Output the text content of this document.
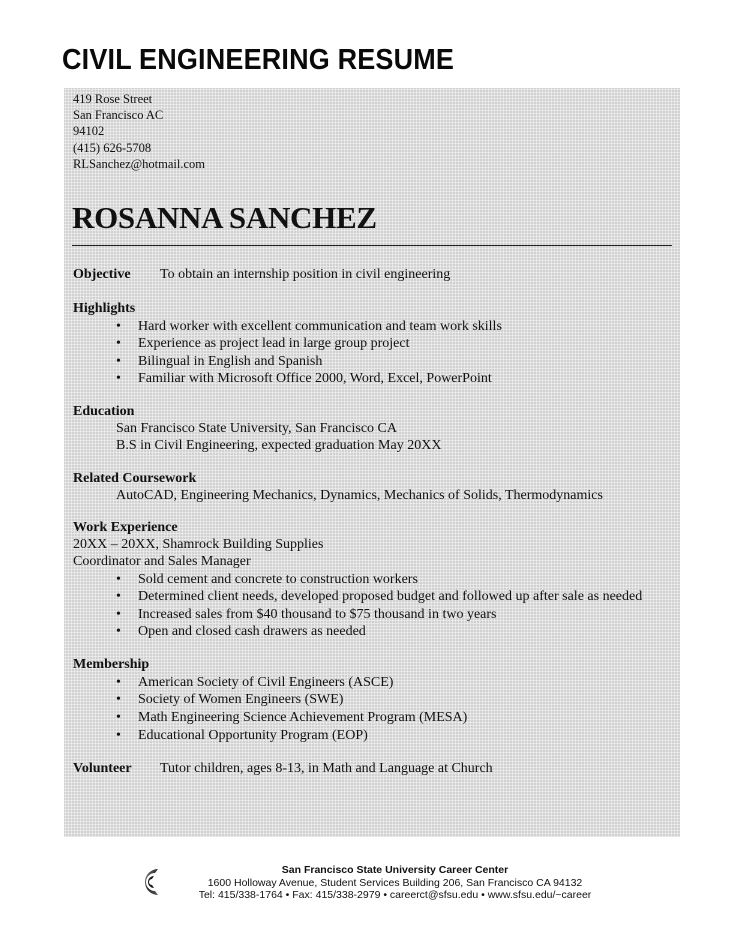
CIVIL ENGINEERING RESUME
419 Rose Street
San Francisco AC
94102
(415) 626-5708
RLSanchez@hotmail.com
ROSANNA SANCHEZ
Objective To obtain an internship position in civil engineering
Highlights
• Hard worker with excellent communication and team work skills
• Experience as project lead in large group project
• Bilingual in English and Spanish
• Familiar with Microsoft Office 2000, Word, Excel, PowerPoint
Education
San Francisco State University, San Francisco CA
B.S in Civil Engineering, expected graduation May 20XX
Related Coursework
AutoCAD, Engineering Mechanics, Dynamics, Mechanics of Solids, Thermodynamics
Work Experience
20XX – 20XX, Shamrock Building Supplies
Coordinator and Sales Manager
• Sold cement and concrete to construction workers
• Determined client needs, developed proposed budget and followed up after sale as needed
• Increased sales from $40 thousand to $75 thousand in two years
• Open and closed cash drawers as needed
Membership
• American Society of Civil Engineers (ASCE)
• Society of Women Engineers (SWE)
• Math Engineering Science Achievement Program (MESA)
• Educational Opportunity Program (EOP)
Volunteer Tutor children, ages 8-13, in Math and Language at Church
San Francisco State University Career Center
1600 Holloway Avenue, Student Services Building 206, San Francisco CA 94132
Tel: 415/338-1764 • Fax: 415/338-2979 • careerct@sfsu.edu • www.sfsu.edu/~career
